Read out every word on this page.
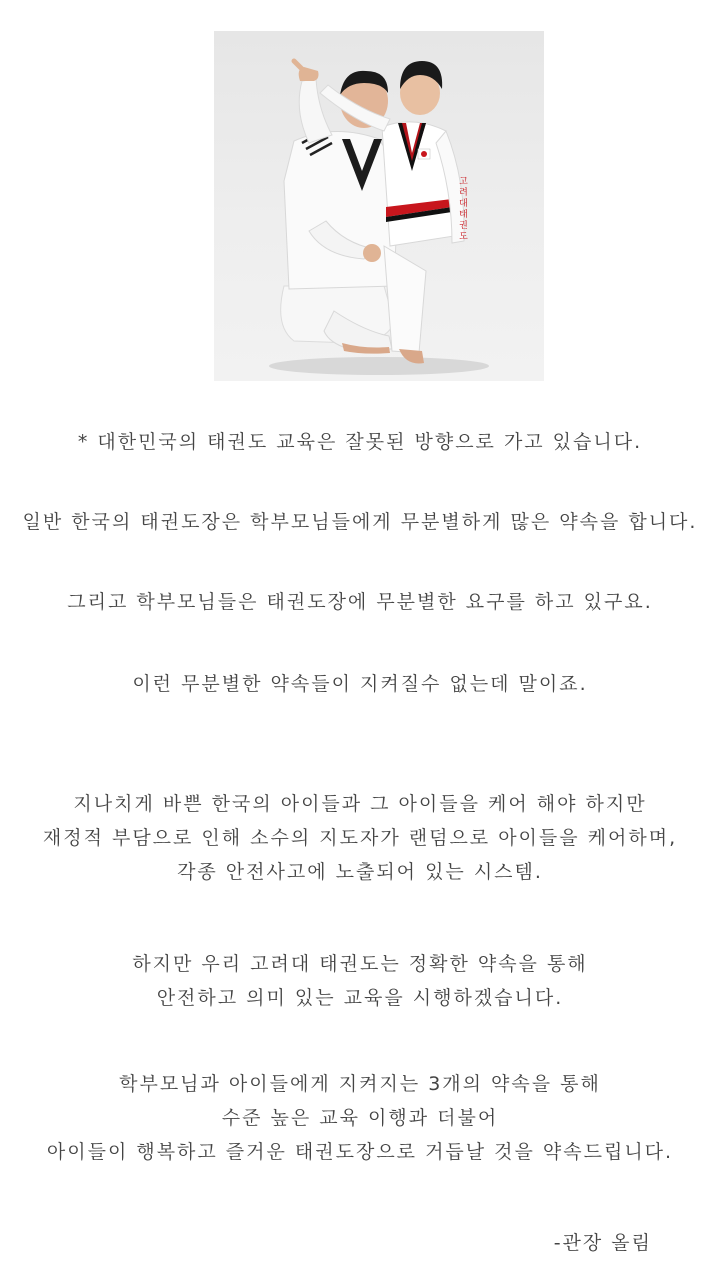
고려대태권도

* 대한민국의 태권도 교육은 잘못된 방향으로 가고 있습니다.

일반 한국의 태권도장은 학부모님들에게 무분별하게 많은 약속을 합니다.

그리고 학부모님들은 태권도장에 무분별한 요구를 하고 있구요.

이런 무분별한 약속들이 지켜질수 없는데 말이죠.

지나치게 바쁜 한국의 아이들과 그 아이들을 케어 해야 하지만

재정적 부담으로 인해 소수의 지도자가 랜덤으로 아이들을 케어하며,

각종 안전사고에 노출되어 있는 시스템.

하지만 우리 고려대 태권도는 정확한 약속을 통해

안전하고 의미 있는 교육을 시행하겠습니다.

학부모님과 아이들에게 지켜지는 3개의 약속을 통해

수준 높은 교육 이행과 더불어

아이들이 행복하고 즐거운 태권도장으로 거듭날 것을 약속드립니다.

-관장 올림
